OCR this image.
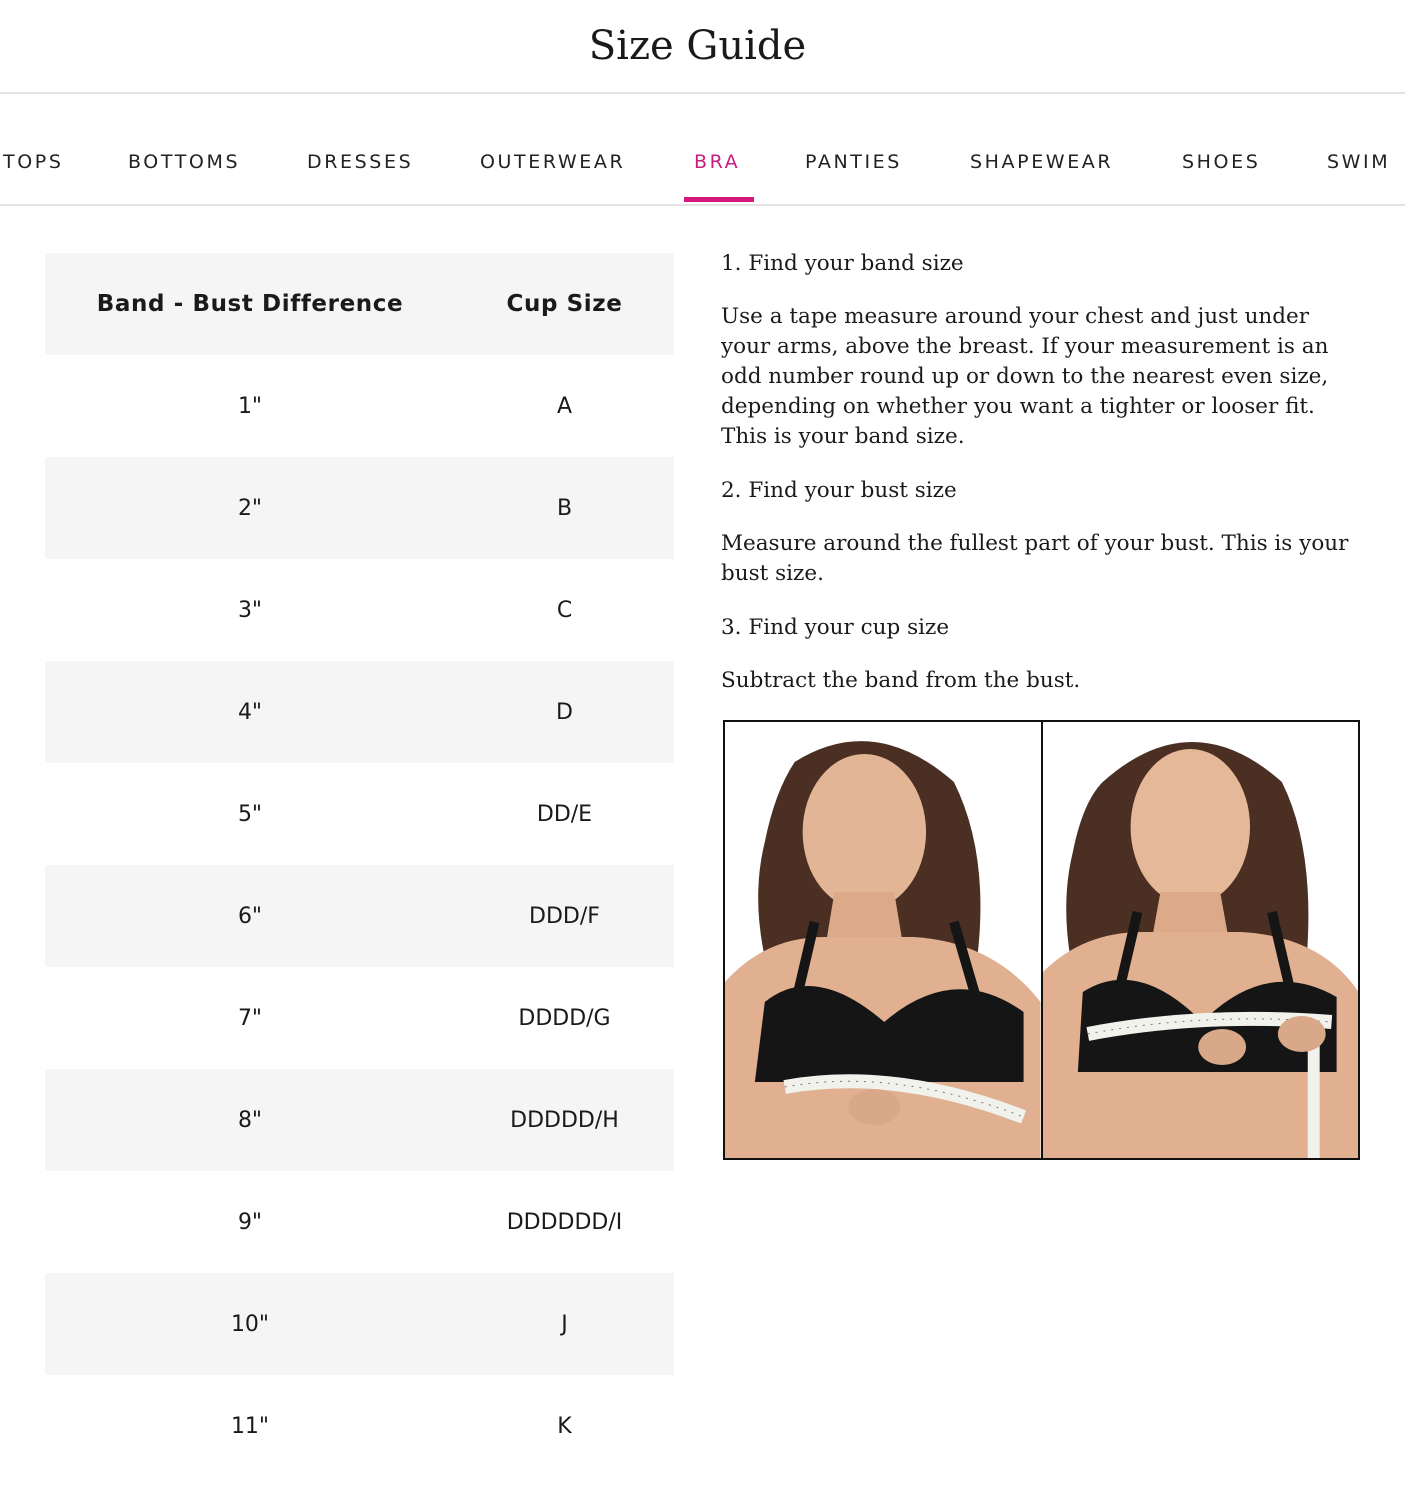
Size Guide
TOPS	BOTTOMS	DRESSES	OUTERWEAR	BRA	PANTIES	SHAPEWEAR	SHOES	SWIM
Band - Bust Difference	Cup Size
1"	A
2"	B
3"	C
4"	D
5"	DD/E
6"	DDD/F
7"	DDDD/G
8"	DDDDD/H
9"	DDDDDD/I
10"	J
11"	K

1. Find your band size

Use a tape measure around your chest and just under your arms, above the breast. If your measurement is an odd number round up or down to the nearest even size, depending on whether you want a tighter or looser fit. This is your band size.

2. Find your bust size

Measure around the fullest part of your bust. This is your bust size.

3. Find your cup size

Subtract the band from the bust.
